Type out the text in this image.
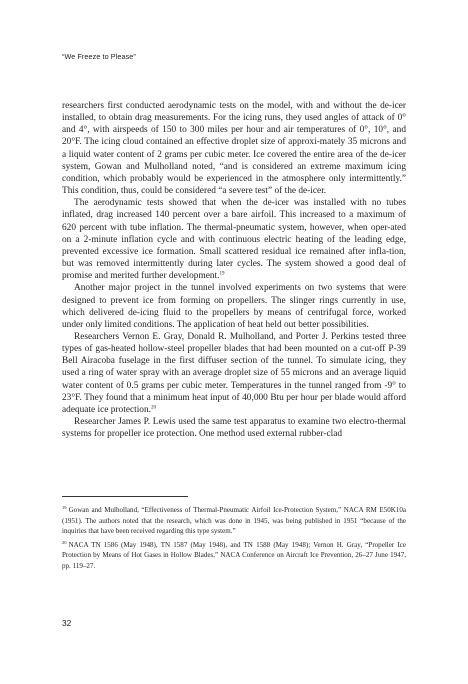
“We Freeze to Please”

researchers first conducted aerodynamic tests on the model, with and without the de-icer installed, to obtain drag measurements. For the icing runs, they used angles of attack of 0° and 4°, with airspeeds of 150 to 300 miles per hour and air temperatures of 0°, 10°, and 20°F. The icing cloud contained an effective droplet size of approxi-mately 35 microns and a liquid water content of 2 grams per cubic meter. Ice covered the entire area of the de-icer system, Gowan and Mulholland noted, “and is considered an extreme maximum icing condition, which probably would be experienced in the atmosphere only intermittently.” This condition, thus, could be considered “a severe test” of the de-icer.

The aerodynamic tests showed that when the de-icer was installed with no tubes inflated, drag increased 140 percent over a bare airfoil. This increased to a maximum of 620 percent with tube inflation. The thermal-pneumatic system, however, when oper-ated on a 2-minute inflation cycle and with continuous electric heating of the leading edge, prevented excessive ice formation. Small scattered residual ice remained after infla-tion, but was removed intermittently during later cycles. The system showed a good deal of promise and merited further development.$^{19}$

Another major project in the tunnel involved experiments on two systems that were designed to prevent ice from forming on propellers. The slinger rings currently in use, which delivered de-icing fluid to the propellers by means of centrifugal force, worked under only limited conditions. The application of heat held out better possibilities.

Researchers Vernon E. Gray, Donald R. Mulholland, and Porter J. Perkins tested three types of gas-heated hollow-steel propeller blades that had been mounted on a cut-off P-39 Bell Airacoba fuselage in the first diffuser section of the tunnel. To simulate icing, they used a ring of water spray with an average droplet size of 55 microns and an average liquid water content of 0.5 grams per cubic meter. Temperatures in the tunnel ranged from -9° to 23°F. They found that a minimum heat input of 40,000 Btu per hour per blade would afford adequate ice protection.$^{20}$

Researcher James P. Lewis used the same test apparatus to examine two electro-thermal systems for propeller ice protection. One method used external rubber-clad

$^{19}$ Gowan and Mulholland, “Effectiveness of Thermal-Pneumatic Airfoil Ice-Protection System,” NACA RM E50K10a (1951). The authors noted that the research, which was done in 1945, was being published in 1951 “because of the inquiries that have been received regarding this type system.”

$^{20}$ NACA TN 1586 (May 1948), TN 1587 (May 1948), and TN 1588 (May 1948); Vernon H. Gray, “Propeller Ice Protection by Means of Hot Gases in Hollow Blades,” NACA Conference on Aircraft Ice Prevention, 26–27 June 1947, pp. 119–27.

32
